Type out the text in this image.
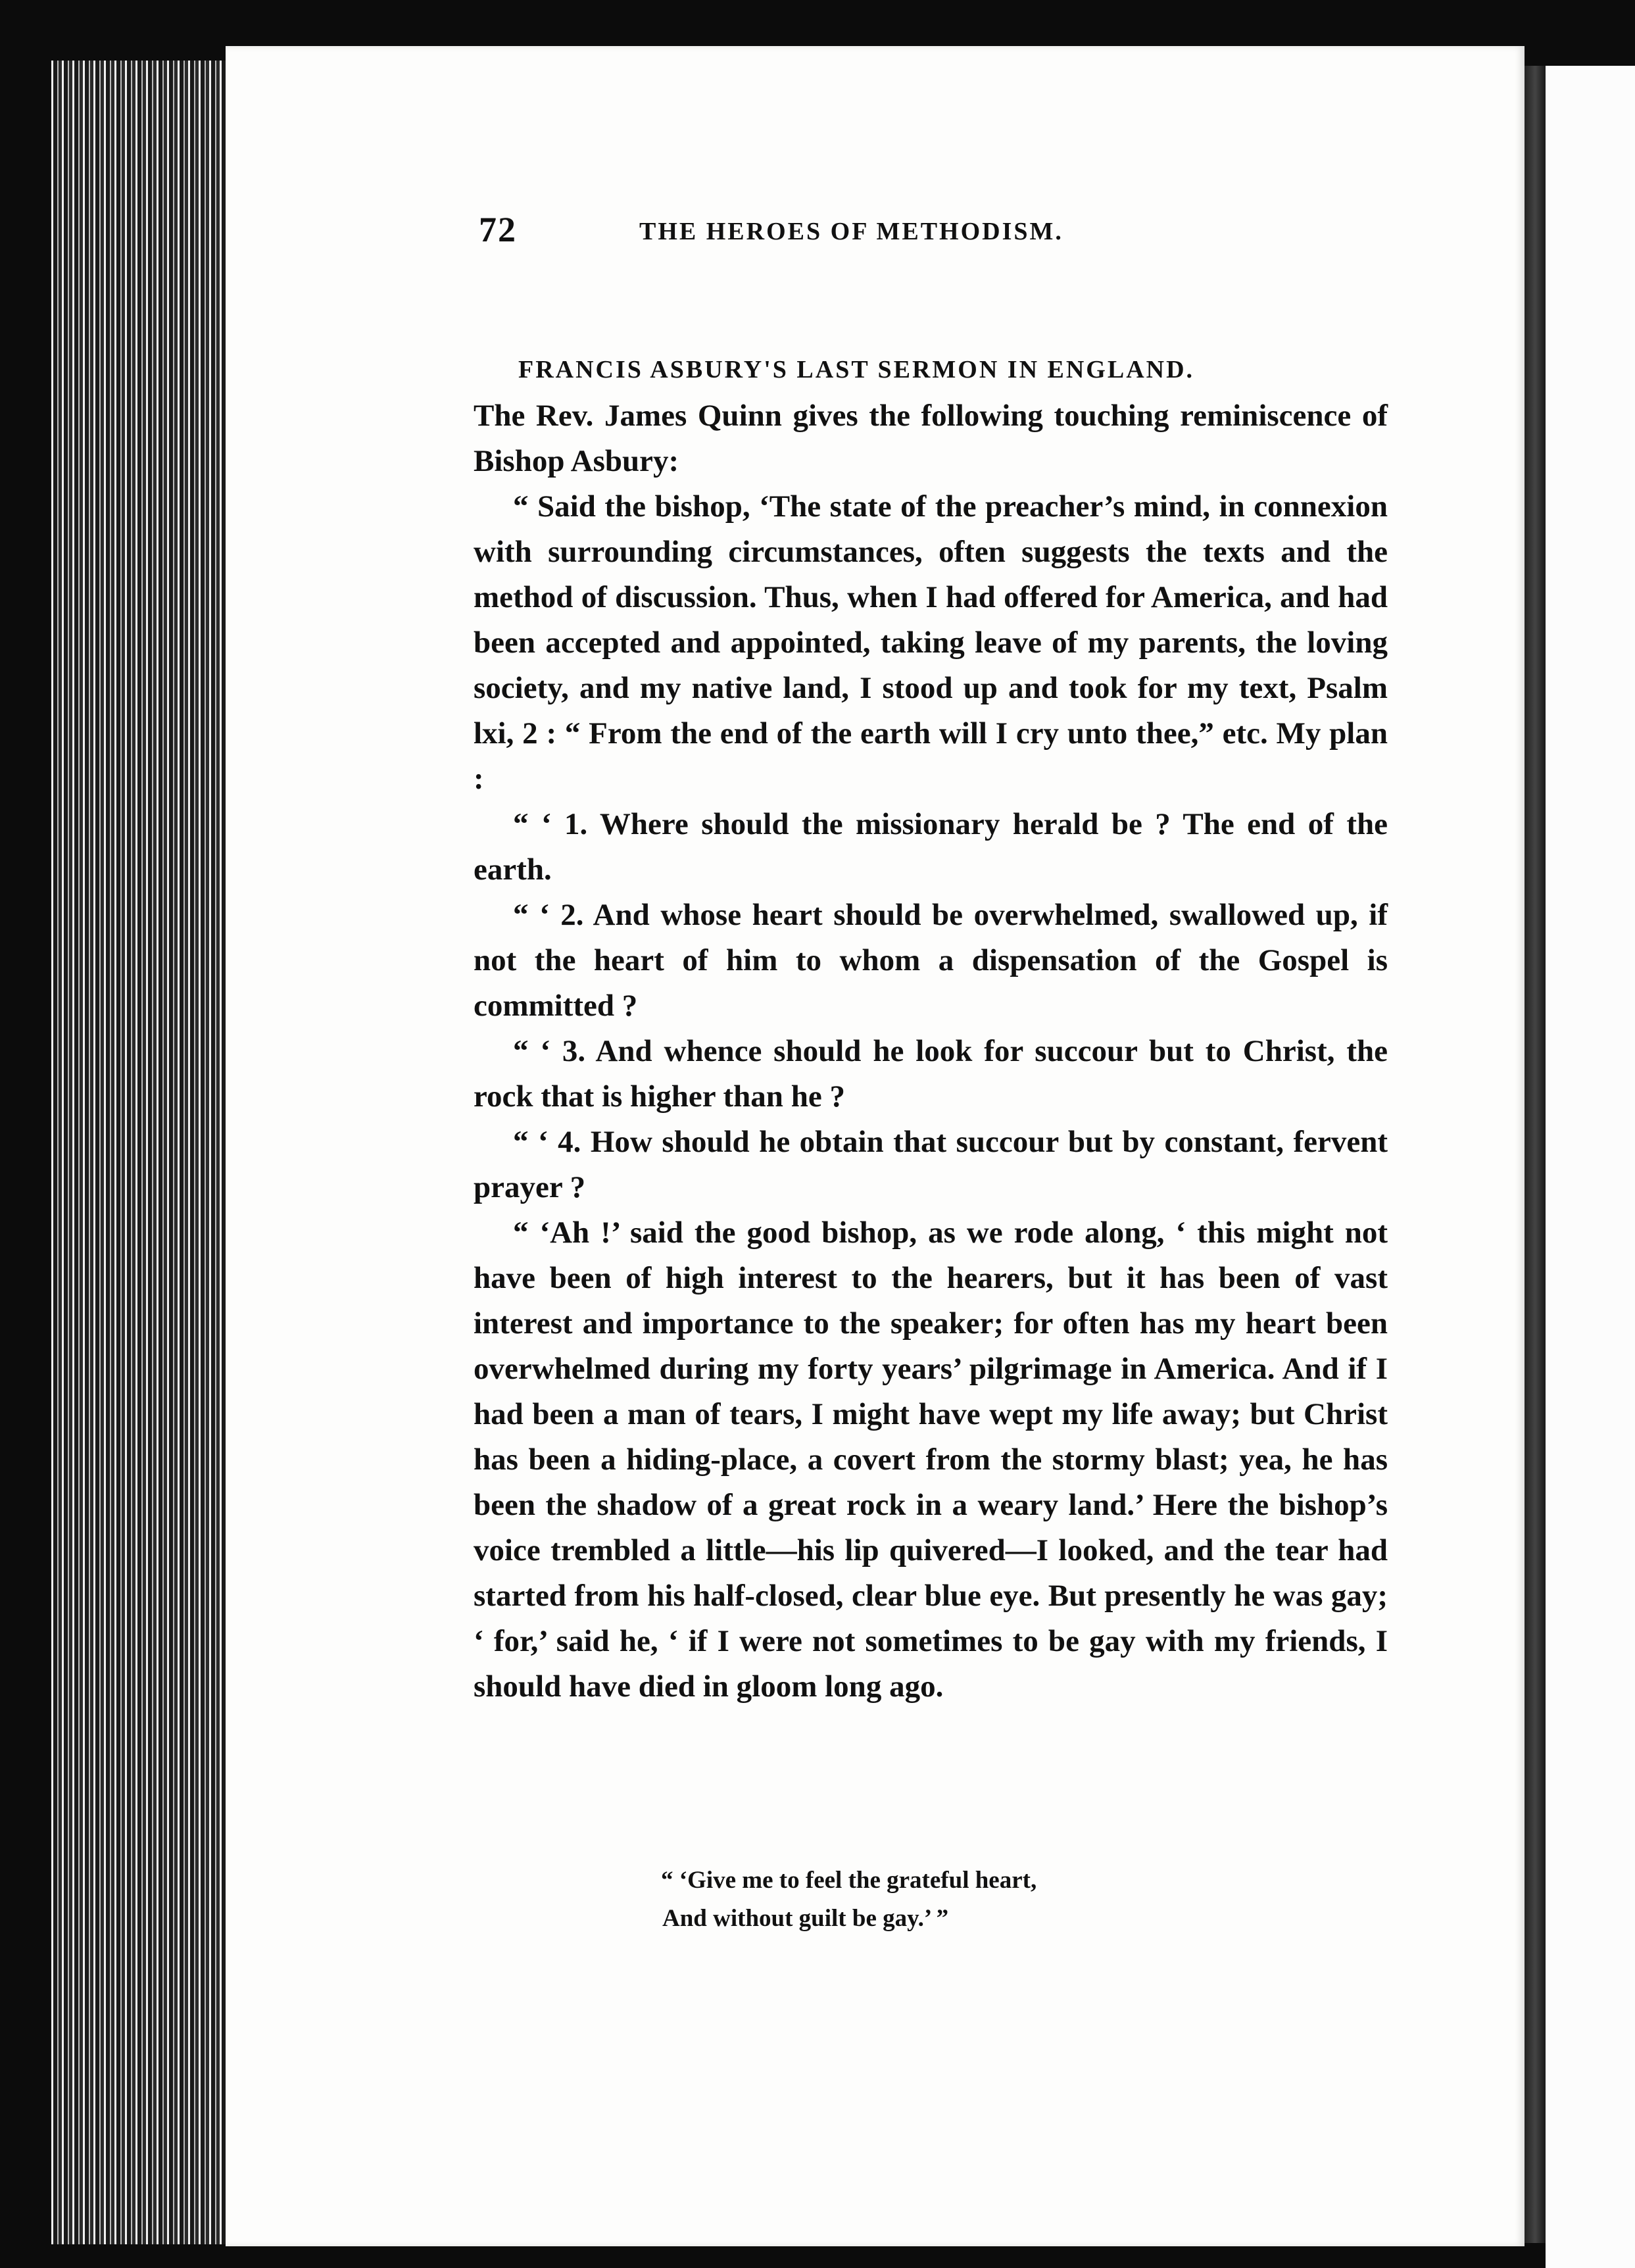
72	THE HEROES OF METHODISM.
FRANCIS ASBURY'S LAST SERMON IN ENGLAND.

The Rev. James Quinn gives the following touching reminiscence of Bishop Asbury:

“ Said the bishop, ‘The state of the preacher’s mind, in connexion with surrounding circumstances, often suggests the texts and the method of discussion. Thus, when I had offered for America, and had been accepted and appointed, taking leave of my parents, the loving society, and my native land, I stood up and took for my text, Psalm lxi, 2 : “ From the end of the earth will I cry unto thee,” etc. My plan :

“ ‘ 1. Where should the missionary herald be ? The end of the earth.

“ ‘ 2. And whose heart should be overwhelmed, swallowed up, if not the heart of him to whom a dispensation of the Gospel is committed ?

“ ‘ 3. And whence should he look for succour but to Christ, the rock that is higher than he ?

“ ‘ 4. How should he obtain that succour but by constant, fervent prayer ?

“ ‘Ah !’ said the good bishop, as we rode along, ‘ this might not have been of high interest to the hearers, but it has been of vast interest and importance to the speaker; for often has my heart been overwhelmed during my forty years’ pilgrimage in America. And if I had been a man of tears, I might have wept my life away; but Christ has been a hiding-place, a covert from the stormy blast; yea, he has been the shadow of a great rock in a weary land.’ Here the bishop’s voice trembled a little—his lip quivered—I looked, and the tear had started from his half-closed, clear blue eye. But presently he was gay; ‘ for,’ said he, ‘ if I were not sometimes to be gay with my friends, I should have died in gloom long ago.

“ ‘Give me to feel the grateful heart,
And without guilt be gay.’ ”
